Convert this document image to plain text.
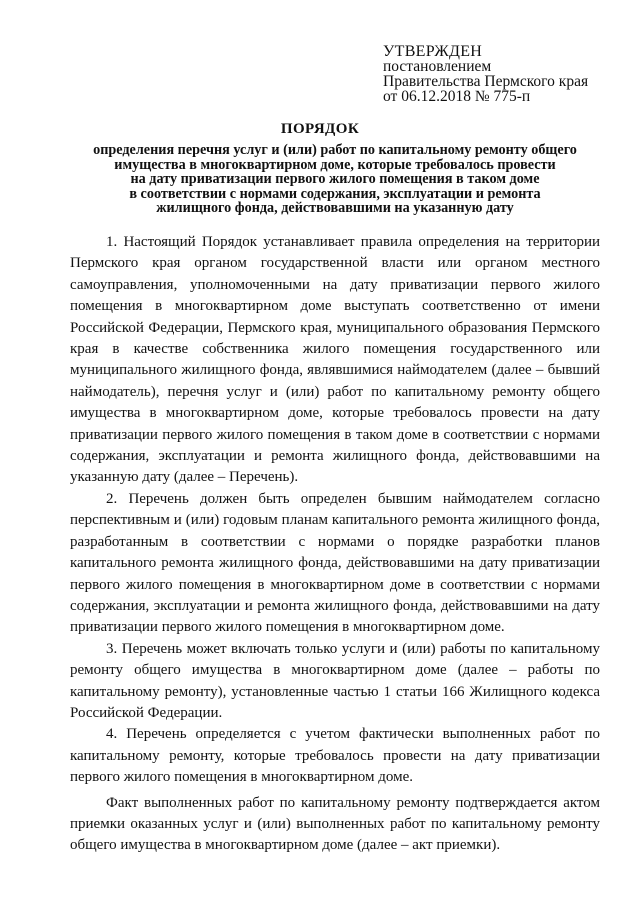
УТВЕРЖДЕН
постановлением
Правительства Пермского края
от 06.12.2018 № 775-п
ПОРЯДОК
определения перечня услуг и (или) работ по капитальному ремонту общего
имущества в многоквартирном доме, которые требовалось провести
на дату приватизации первого жилого помещения в таком доме
в соответствии с нормами содержания, эксплуатации и ремонта
жилищного фонда, действовавшими на указанную дату

1. Настоящий Порядок устанавливает правила определения на территории Пермского края органом государственной власти или органом местного самоуправления, уполномоченными на дату приватизации первого жилого помещения в многоквартирном доме выступать соответственно от имени Российской Федерации, Пермского края, муниципального образования Пермского края в качестве собственника жилого помещения государственного или муниципального жилищного фонда, являвшимися наймодателем (далее – бывший наймодатель), перечня услуг и (или) работ по капитальному ремонту общего имущества в многоквартирном доме, которые требовалось провести на дату приватизации первого жилого помещения в таком доме в соответствии с нормами содержания, эксплуатации и ремонта жилищного фонда, действовавшими на указанную дату (далее – Перечень).

2. Перечень должен быть определен бывшим наймодателем согласно перспективным и (или) годовым планам капитального ремонта жилищного фонда, разработанным в соответствии с нормами о порядке разработки планов капитального ремонта жилищного фонда, действовавшими на дату приватизации первого жилого помещения в многоквартирном доме в соответствии с нормами содержания, эксплуатации и ремонта жилищного фонда, действовавшими на дату приватизации первого жилого помещения в многоквартирном доме.

3. Перечень может включать только услуги и (или) работы по капитальному ремонту общего имущества в многоквартирном доме (далее – работы по капитальному ремонту), установленные частью 1 статьи 166 Жилищного кодекса Российской Федерации.

4. Перечень определяется с учетом фактически выполненных работ по капитальному ремонту, которые требовалось провести на дату приватизации первого жилого помещения в многоквартирном доме.

Факт выполненных работ по капитальному ремонту подтверждается актом приемки оказанных услуг и (или) выполненных работ по капитальному ремонту общего имущества в многоквартирном доме (далее – акт приемки).
